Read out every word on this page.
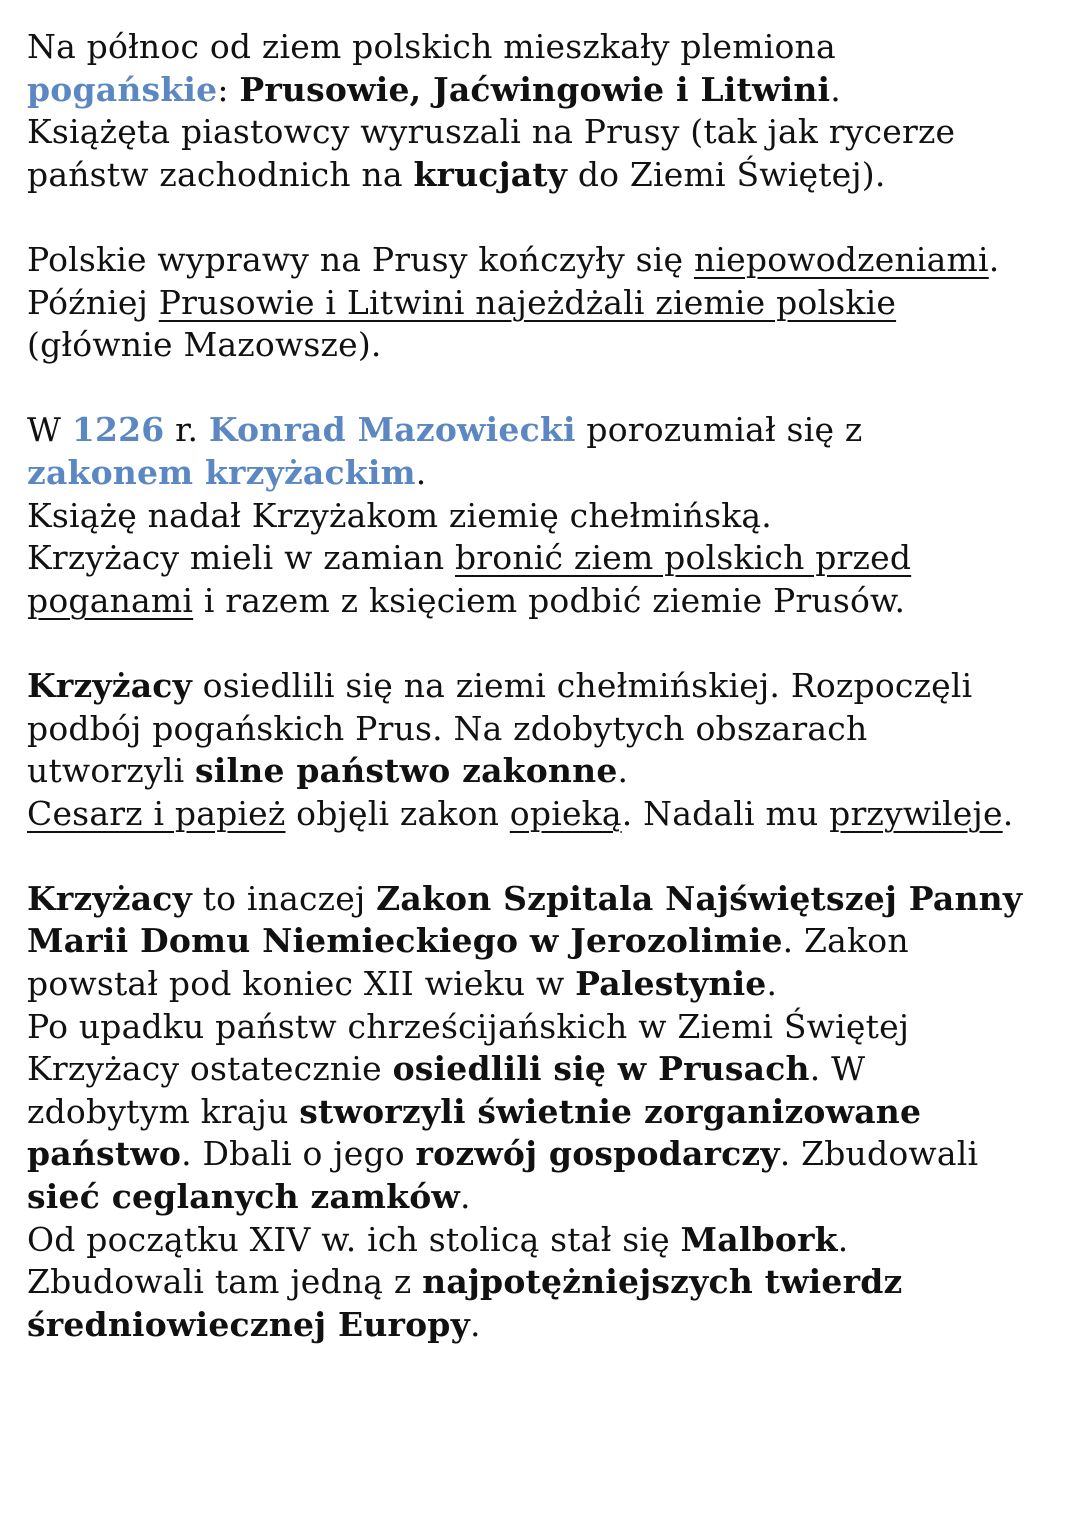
Na północ od ziem polskich mieszkały plemiona
pogańskie: Prusowie, Jaćwingowie i Litwini.
Książęta piastowcy wyruszali na Prusy (tak jak rycerze
państw zachodnich na krucjaty do Ziemi Świętej).

Polskie wyprawy na Prusy kończyły się niepowodzeniami.
Później Prusowie i Litwini najeżdżali ziemie polskie
(głównie Mazowsze).

W 1226 r. Konrad Mazowiecki porozumiał się z
zakonem krzyżackim.
Książę nadał Krzyżakom ziemię chełmińską.
Krzyżacy mieli w zamian bronić ziem polskich przed
poganami i razem z księciem podbić ziemie Prusów.

Krzyżacy osiedlili się na ziemi chełmińskiej. Rozpoczęli
podbój pogańskich Prus. Na zdobytych obszarach
utworzyli silne państwo zakonne.
Cesarz i papież objęli zakon opieką. Nadali mu przywileje.

Krzyżacy to inaczej Zakon Szpitala Najświętszej Panny
Marii Domu Niemieckiego w Jerozolimie. Zakon
powstał pod koniec XII wieku w Palestynie.
Po upadku państw chrześcijańskich w Ziemi Świętej
Krzyżacy ostatecznie osiedlili się w Prusach. W
zdobytym kraju stworzyli świetnie zorganizowane
państwo. Dbali o jego rozwój gospodarczy. Zbudowali
sieć ceglanych zamków.
Od początku XIV w. ich stolicą stał się Malbork.
Zbudowali tam jedną z najpotężniejszych twierdz
średniowiecznej Europy.
